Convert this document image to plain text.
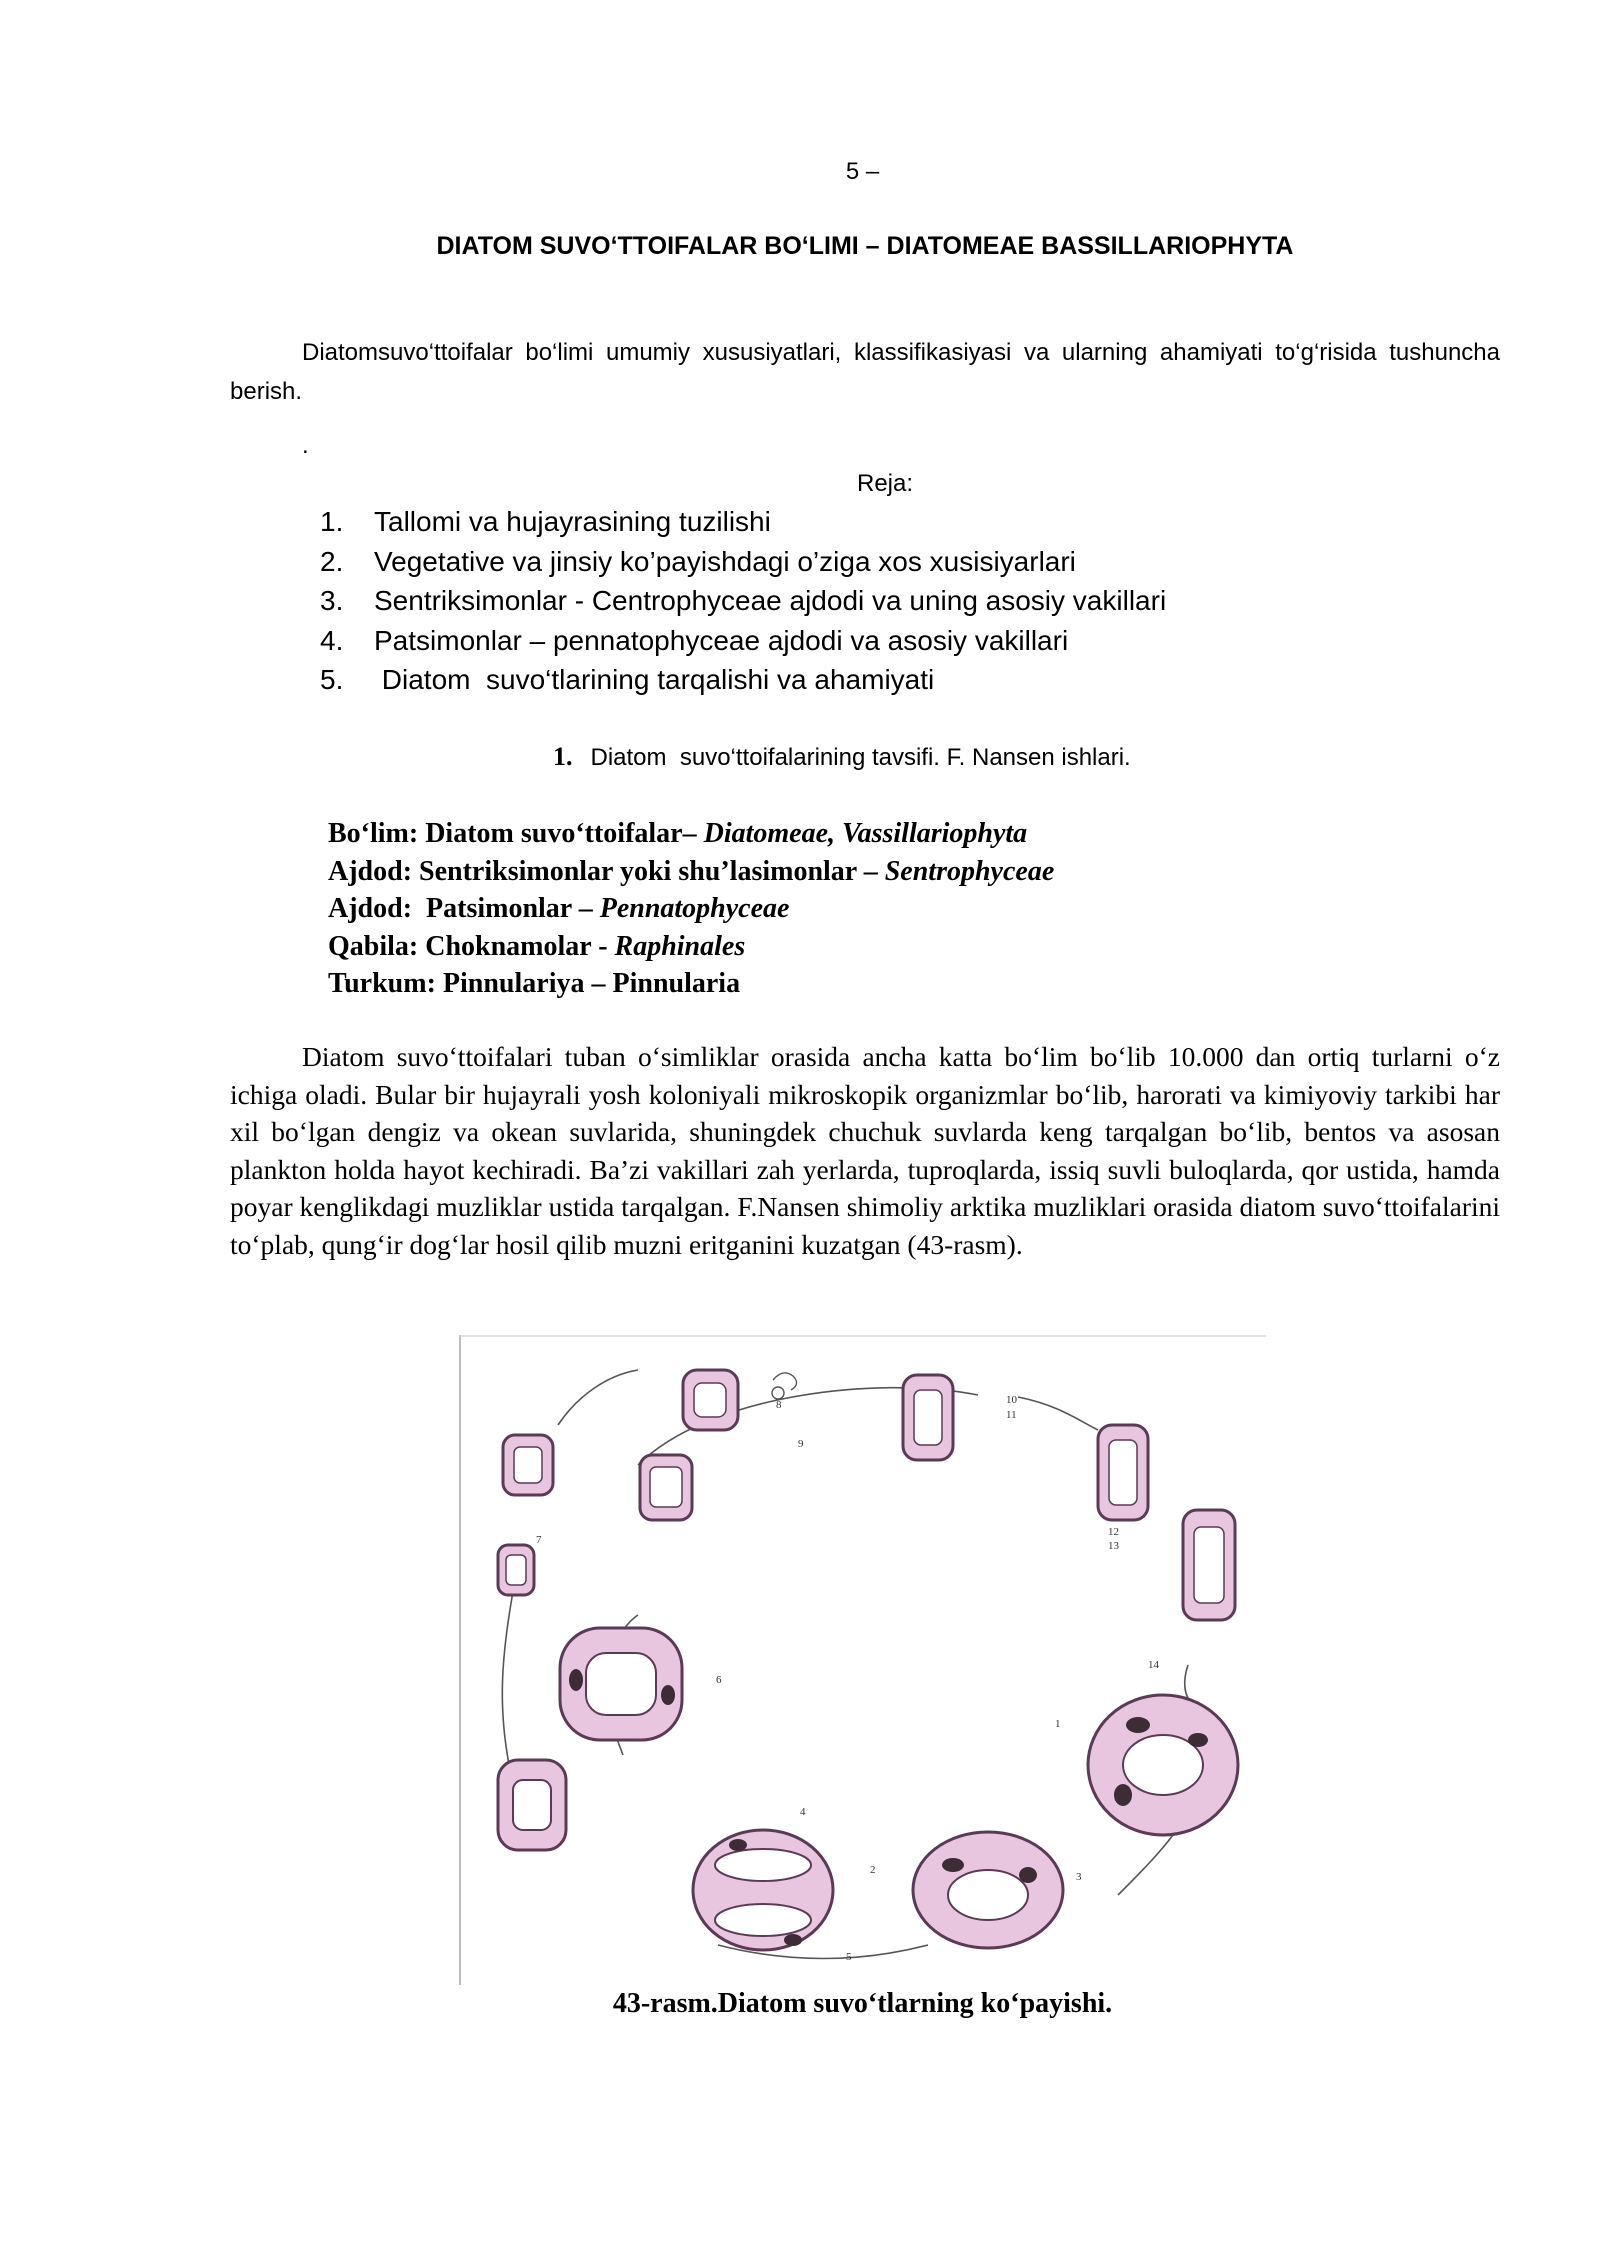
5 –
DIATOM SUVO‘TTOIFALAR BO‘LIMI – DIATOMEAE BASSILLARIOPHYTA
Diatomsuvo‘ttoifalar bo‘limi umumiy xususiyatlari, klassifikasiyasi va ularning ahamiyati to‘g‘risida tushuncha berish.
.
Reja:
1. Tallomi va hujayrasining tuzilishi
2. Vegetative va jinsiy ko’payishdagi o’ziga xos xusisiyarlari
3. Sentriksimonlar - Centrophyceae ajdodi va uning asosiy vakillari
4. Patsimonlar – pennatophyceae ajdodi va asosiy vakillari
5. Diatom  suvo‘tlarining tarqalishi va ahamiyati
1. Diatom  suvo‘ttoifalarining tavsifi. F. Nansen ishlari.
Bo‘lim: Diatom suvo‘ttoifalar– Diatomeae, Vassillariophyta
Ajdod: Sentriksimonlar yoki shu’lasimonlar – Sentrophyceae
Ajdod:  Patsimonlar – Pennatophyceae
Qabila: Choknamolar - Raphinales
Turkum: Pinnulariya – Pinnularia
Diatom suvo‘ttoifalari tuban o‘simliklar orasida ancha katta bo‘lim bo‘lib 10.000 dan ortiq turlarni o‘z ichiga oladi. Bular bir hujayrali yosh koloniyali mikroskopik organizmlar bo‘lib, harorati va kimiyoviy tarkibi har xil bo‘lgan dengiz va okean suvlarida, shuningdek chuchuk suvlarda keng tarqalgan bo‘lib, bentos va asosan plankton holda hayot kechiradi. Ba’zi vakillari zah yerlarda, tuproqlarda, issiq suvli buloqlarda, qor ustida, hamda poyar kenglikdagi muzliklar ustida tarqalgan. F.Nansen shimoliy arktika muzliklari orasida diatom suvo‘ttoifalarini to‘plab, qung‘ir dog‘lar hosil qilib muzni eritganini kuzatgan (43-rasm).
1
2
3
4
5
6
7
8
9
10
11
12
13
14
43-rasm.Diatom suvo‘tlarning ko‘payishi.
